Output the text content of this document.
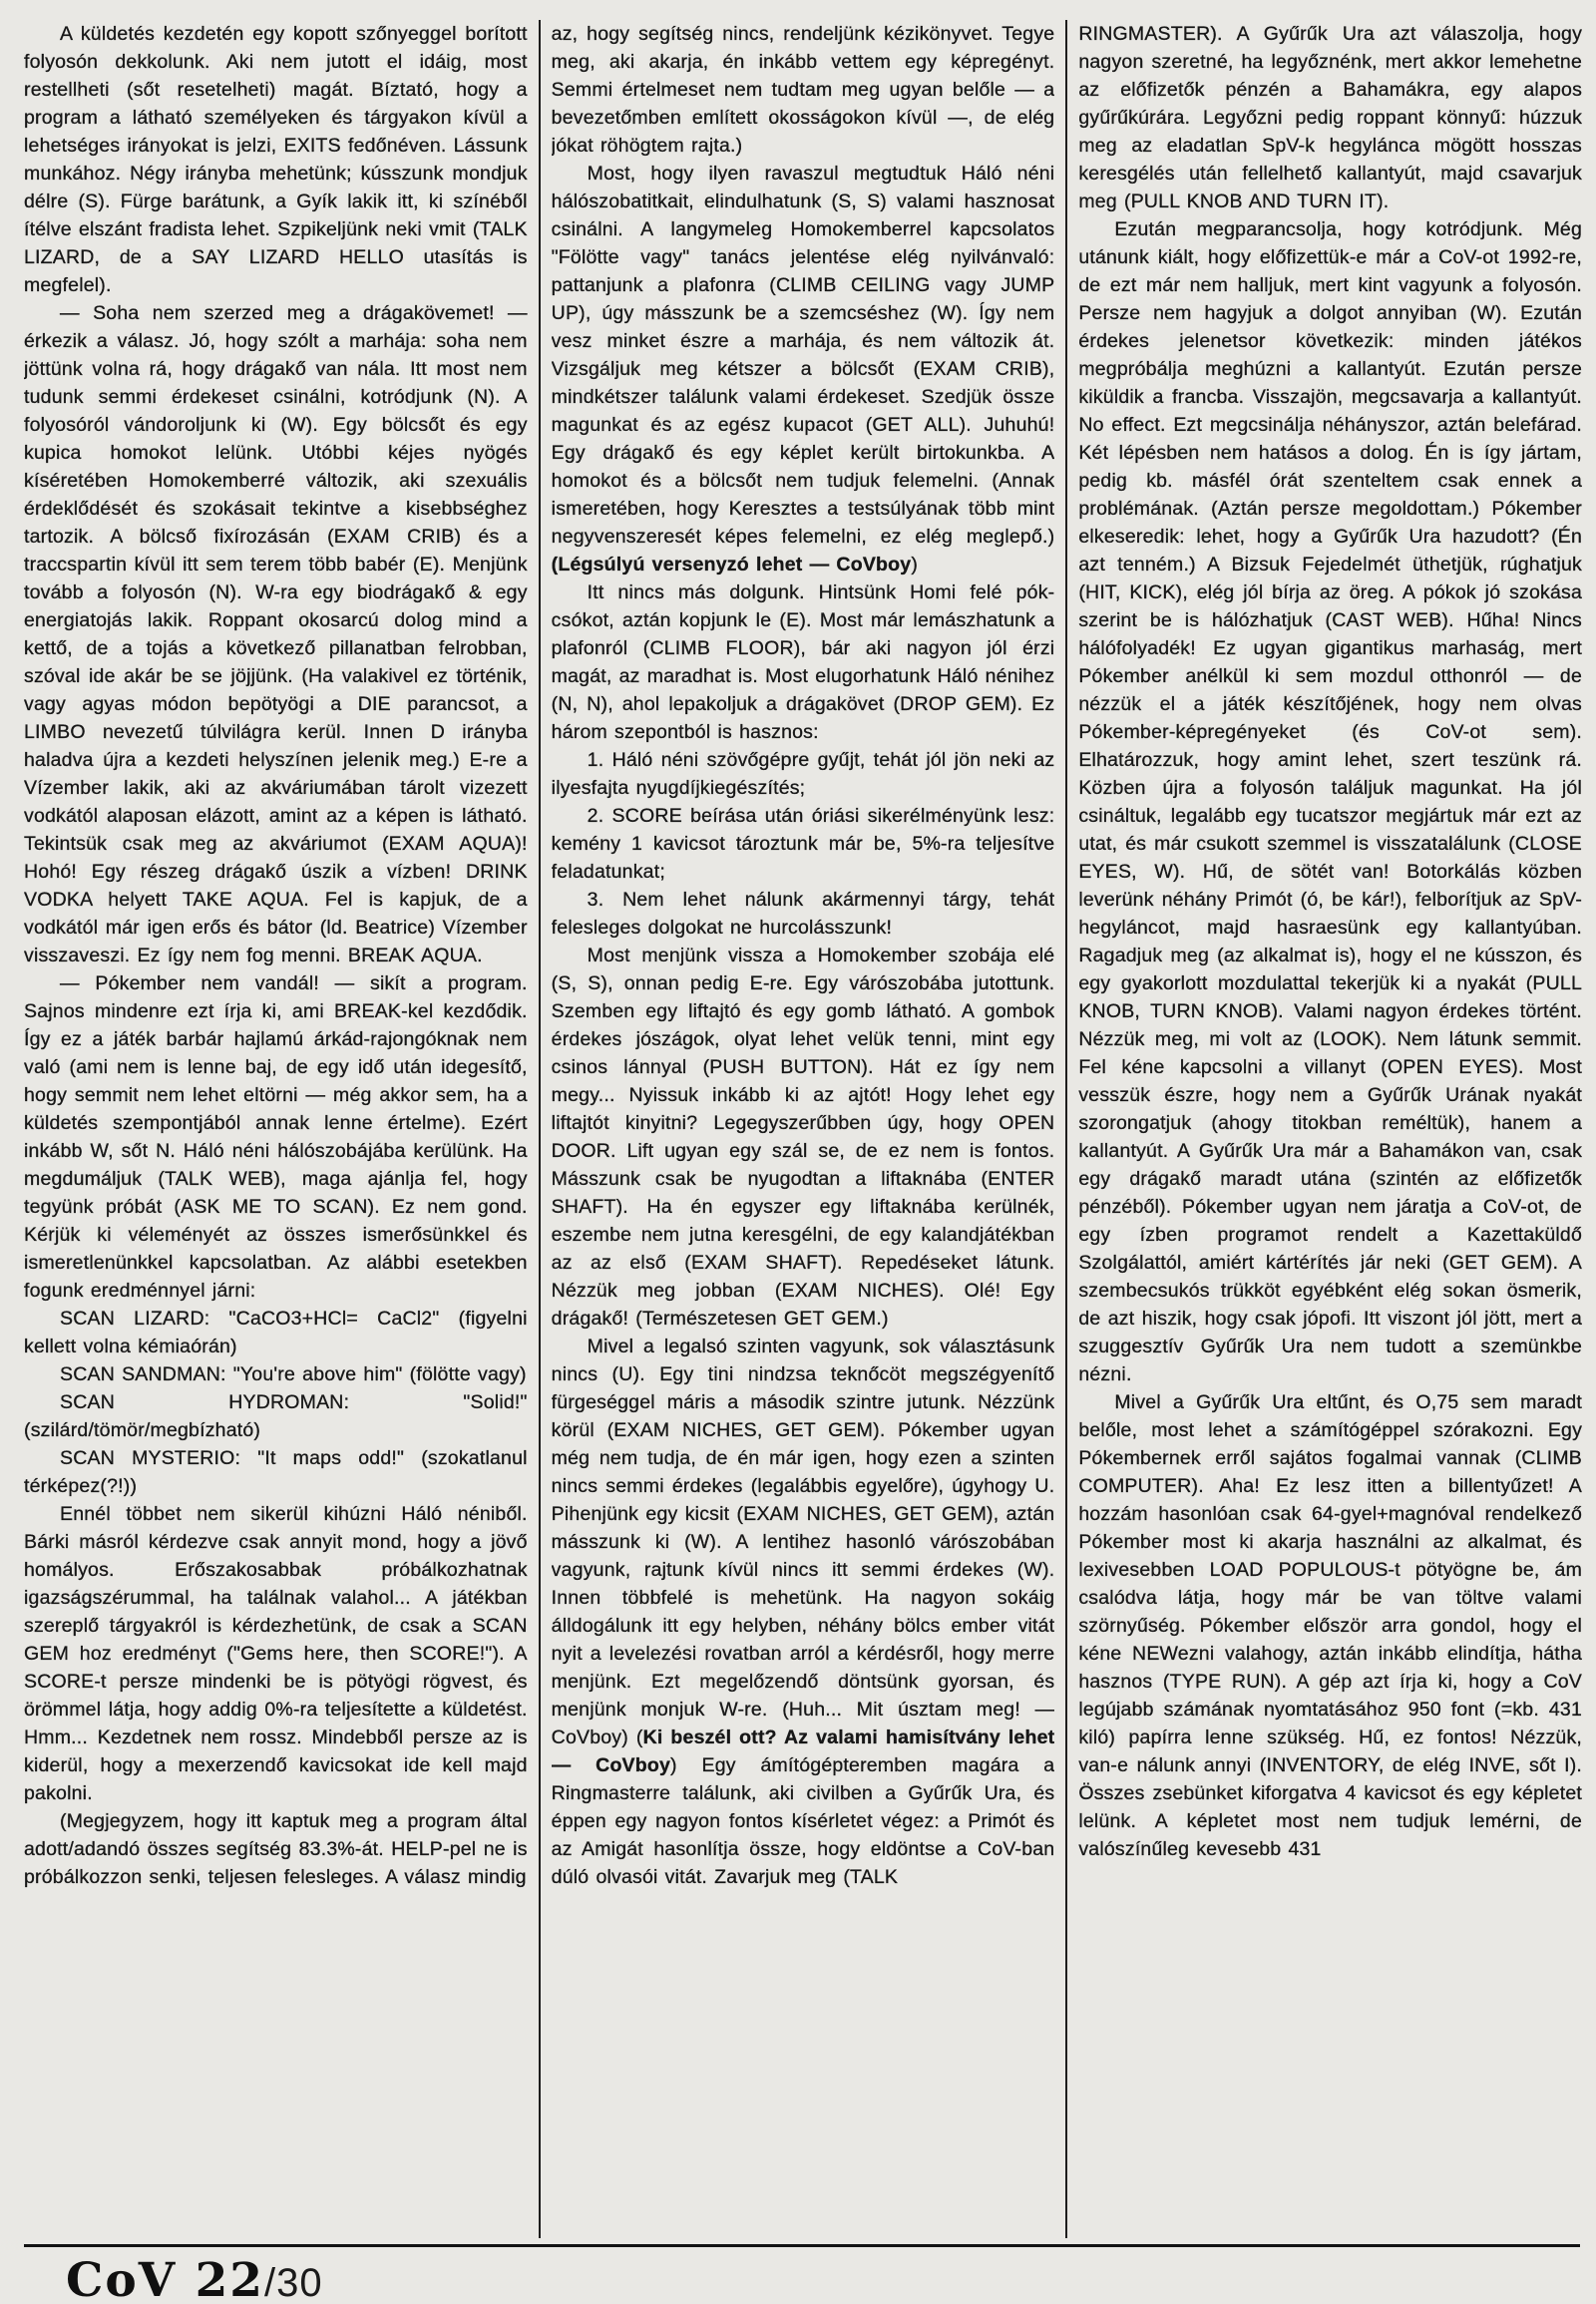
A küldetés kezdetén egy kopott szőnyeggel borított folyosón dekkolunk. Aki nem jutott el idáig, most restellheti (sőt resetelheti) magát. Bíztató, hogy a program a látható személyeken és tárgyakon kívül a lehetséges irányokat is jelzi, EXITS fedőnéven. Lássunk munkához. Négy irányba mehetünk; kússzunk mondjuk délre (S). Fürge barátunk, a Gyík lakik itt, ki színéből ítélve elszánt fradista lehet. Szpikeljünk neki vmit (TALK LIZARD, de a SAY LIZARD HELLO utasítás is megfelel).

— Soha nem szerzed meg a drágakövemet! — érkezik a válasz. Jó, hogy szólt a marhája: soha nem jöttünk volna rá, hogy drágakő van nála. Itt most nem tudunk semmi érdekeset csinálni, kotródjunk (N). A folyosóról vándoroljunk ki (W). Egy bölcsőt és egy kupica homokot lelünk. Utóbbi kéjes nyögés kíséretében Homokemberré változik, aki szexuális érdeklődését és szokásait tekintve a kisebbséghez tartozik. A bölcső fixírozásán (EXAM CRIB) és a traccspartin kívül itt sem terem több babér (E). Menjünk tovább a folyosón (N). W-ra egy biodrágakő & egy energiatojás lakik. Roppant okosarcú dolog mind a kettő, de a tojás a következő pillanatban felrobban, szóval ide akár be se jöjjünk. (Ha valakivel ez történik, vagy agyas módon bepötyögi a DIE parancsot, a LIMBO nevezetű túlvilágra kerül. Innen D irányba haladva újra a kezdeti helyszínen jelenik meg.) E-re a Vízember lakik, aki az akváriumában tárolt vizezett vodkától alaposan elázott, amint az a képen is látható. Tekintsük csak meg az akváriumot (EXAM AQUA)! Hohó! Egy részeg drágakő úszik a vízben! DRINK VODKA helyett TAKE AQUA. Fel is kapjuk, de a vodkától már igen erős és bátor (ld. Beatrice) Vízember visszaveszi. Ez így nem fog menni. BREAK AQUA.

— Pókember nem vandál! — sikít a program. Sajnos mindenre ezt írja ki, ami BREAK-kel kezdődik. Így ez a játék barbár hajlamú árkád-rajongóknak nem való (ami nem is lenne baj, de egy idő után idegesítő, hogy semmit nem lehet eltörni — még akkor sem, ha a küldetés szempontjából annak lenne értelme). Ezért inkább W, sőt N. Háló néni hálószobájába kerülünk. Ha megdumáljuk (TALK WEB), maga ajánlja fel, hogy tegyünk próbát (ASK ME TO SCAN). Ez nem gond. Kérjük ki véleményét az összes ismerősünkkel és ismeretlenünkkel kapcsolatban. Az alábbi esetekben fogunk eredménnyel járni:

SCAN LIZARD: "CaCO3+HCl= CaCl2" (figyelni kellett volna kémiaórán)

SCAN SANDMAN: "You're above him" (fölötte vagy)

SCAN HYDROMAN: "Solid!" (szilárd/tömör/megbízható)

SCAN MYSTERIO: "It maps odd!" (szokatlanul térképez(?!))

Ennél többet nem sikerül kihúzni Háló néniből. Bárki másról kérdezve csak annyit mond, hogy a jövő homályos. Erőszakosabbak próbálkozhatnak igazságszérummal, ha találnak valahol... A játékban szereplő tárgyakról is kérdezhetünk, de csak a SCAN GEM hoz eredményt ("Gems here, then SCORE!"). A SCORE-t persze mindenki be is pötyögi rögvest, és örömmel látja, hogy addig 0%-ra teljesítette a küldetést. Hmm... Kezdetnek nem rossz. Mindebből persze az is kiderül, hogy a mexerzendő kavicsokat ide kell majd pakolni.

(Megjegyzem, hogy itt kaptuk meg a program által adott/adandó összes segítség 83.3%-át. HELP-pel ne is próbálkozzon senki, teljesen felesleges. A válasz mindig

az, hogy segítség nincs, rendeljünk kézikönyvet. Tegye meg, aki akarja, én inkább vettem egy képregényt. Semmi értelmeset nem tudtam meg ugyan belőle — a bevezetőmben említett okosságokon kívül —, de elég jókat röhögtem rajta.)

Most, hogy ilyen ravaszul megtudtuk Háló néni hálószobatitkait, elindulhatunk (S, S) valami hasznosat csinálni. A langymeleg Homokemberrel kapcsolatos "Fölötte vagy" tanács jelentése elég nyilvánvaló: pattanjunk a plafonra (CLIMB CEILING vagy JUMP UP), úgy másszunk be a szemcséshez (W). Így nem vesz minket észre a marhája, és nem változik át. Vizsgáljuk meg kétszer a bölcsőt (EXAM CRIB), mindkétszer találunk valami érdekeset. Szedjük össze magunkat és az egész kupacot (GET ALL). Juhuhú! Egy drágakő és egy képlet került birtokunkba. A homokot és a bölcsőt nem tudjuk felemelni. (Annak ismeretében, hogy Keresztes a testsúlyának több mint negyvenszeresét képes felemelni, ez elég meglepő.) (Légsúlyú versenyzó lehet — CoVboy)

Itt nincs más dolgunk. Hintsünk Homi felé pók-csókot, aztán kopjunk le (E). Most már lemászhatunk a plafonról (CLIMB FLOOR), bár aki nagyon jól érzi magát, az maradhat is. Most elugorhatunk Háló nénihez (N, N), ahol lepakoljuk a drágakövet (DROP GEM). Ez három szepontból is hasznos:

1. Háló néni szövőgépre gyűjt, tehát jól jön neki az ilyesfajta nyugdíjkiegészítés;

2. SCORE beírása után óriási sikerélményünk lesz: kemény 1 kavicsot tároztunk már be, 5%-ra teljesítve feladatunkat;

3. Nem lehet nálunk akármennyi tárgy, tehát felesleges dolgokat ne hurcolásszunk!

Most menjünk vissza a Homokember szobája elé (S, S), onnan pedig E-re. Egy várószobába jutottunk. Szemben egy liftajtó és egy gomb látható. A gombok érdekes jószágok, olyat lehet velük tenni, mint egy csinos lánnyal (PUSH BUTTON). Hát ez így nem megy... Nyissuk inkább ki az ajtót! Hogy lehet egy liftajtót kinyitni? Legegyszerűbben úgy, hogy OPEN DOOR. Lift ugyan egy szál se, de ez nem is fontos. Másszunk csak be nyugodtan a liftaknába (ENTER SHAFT). Ha én egyszer egy liftaknába kerülnék, eszembe nem jutna keresgélni, de egy kalandjátékban az az első (EXAM SHAFT). Repedéseket látunk. Nézzük meg jobban (EXAM NICHES). Olé! Egy drágakő! (Természetesen GET GEM.)

Mivel a legalsó szinten vagyunk, sok választásunk nincs (U). Egy tini nindzsa teknőcöt megszégyenítő fürgeséggel máris a második szintre jutunk. Nézzünk körül (EXAM NICHES, GET GEM). Pókember ugyan még nem tudja, de én már igen, hogy ezen a szinten nincs semmi érdekes (legalábbis egyelőre), úgyhogy U. Pihenjünk egy kicsit (EXAM NICHES, GET GEM), aztán másszunk ki (W). A lentihez hasonló várószobában vagyunk, rajtunk kívül nincs itt semmi érdekes (W). Innen többfelé is mehetünk. Ha nagyon sokáig álldogálunk itt egy helyben, néhány bölcs ember vitát nyit a levelezési rovatban arról a kérdésről, hogy merre menjünk. Ezt megelőzendő döntsünk gyorsan, és menjünk monjuk W-re. (Huh... Mit úsztam meg! — CoVboy) (Ki beszél ott? Az valami hamisítvány lehet — CoVboy) Egy ámítógépteremben magára a Ringmasterre találunk, aki civilben a Gyűrűk Ura, és éppen egy nagyon fontos kísérletet végez: a Primót és az Amigát hasonlítja össze, hogy eldöntse a CoV-ban dúló olvasói vitát. Zavarjuk meg (TALK

RINGMASTER). A Gyűrűk Ura azt válaszolja, hogy nagyon szeretné, ha legyőznénk, mert akkor lemehetne az előfizetők pénzén a Bahamákra, egy alapos gyűrűkúrára. Legyőzni pedig roppant könnyű: húzzuk meg az eladatlan SpV-k hegylánca mögött hosszas keresgélés után fellelhető kallantyút, majd csavarjuk meg (PULL KNOB AND TURN IT).

Ezután megparancsolja, hogy kotródjunk. Még utánunk kiált, hogy előfizettük-e már a CoV-ot 1992-re, de ezt már nem halljuk, mert kint vagyunk a folyosón. Persze nem hagyjuk a dolgot annyiban (W). Ezután érdekes jelenetsor következik: minden játékos megpróbálja meghúzni a kallantyút. Ezután persze kiküldik a francba. Visszajön, megcsavarja a kallantyút. No effect. Ezt megcsinálja néhányszor, aztán belefárad. Két lépésben nem hatásos a dolog. Én is így jártam, pedig kb. másfél órát szenteltem csak ennek a problémának. (Aztán persze megoldottam.) Pókember elkeseredik: lehet, hogy a Gyűrűk Ura hazudott? (Én azt tenném.) A Bizsuk Fejedelmét üthetjük, rúghatjuk (HIT, KICK), elég jól bírja az öreg. A pókok jó szokása szerint be is hálózhatjuk (CAST WEB). Hűha! Nincs hálófolyadék! Ez ugyan gigantikus marhaság, mert Pókember anélkül ki sem mozdul otthonról — de nézzük el a játék készítőjének, hogy nem olvas Pókember-képregényeket (és CoV-ot sem). Elhatározzuk, hogy amint lehet, szert teszünk rá. Közben újra a folyosón találjuk magunkat. Ha jól csináltuk, legalább egy tucatszor megjártuk már ezt az utat, és már csukott szemmel is visszatalálunk (CLOSE EYES, W). Hű, de sötét van! Botorkálás közben leverünk néhány Primót (ó, be kár!), felborítjuk az SpV-hegyláncot, majd hasraesünk egy kallantyúban. Ragadjuk meg (az alkalmat is), hogy el ne kússzon, és egy gyakorlott mozdulattal tekerjük ki a nyakát (PULL KNOB, TURN KNOB). Valami nagyon érdekes történt. Nézzük meg, mi volt az (LOOK). Nem látunk semmit. Fel kéne kapcsolni a villanyt (OPEN EYES). Most vesszük észre, hogy nem a Gyűrűk Urának nyakát szorongatjuk (ahogy titokban reméltük), hanem a kallantyút. A Gyűrűk Ura már a Bahamákon van, csak egy drágakő maradt utána (szintén az előfizetők pénzéből). Pókember ugyan nem járatja a CoV-ot, de egy ízben programot rendelt a Kazettaküldő Szolgálattól, amiért kártérítés jár neki (GET GEM). A szembecsukós trükköt egyébként elég sokan ösmerik, de azt hiszik, hogy csak jópofi. Itt viszont jól jött, mert a szuggesztív Gyűrűk Ura nem tudott a szemünkbe nézni.

Mivel a Gyűrűk Ura eltűnt, és O,75 sem maradt belőle, most lehet a számítógéppel szórakozni. Egy Pókembernek erről sajátos fogalmai vannak (CLIMB COMPUTER). Aha! Ez lesz itten a billentyűzet! A hozzám hasonlóan csak 64-gyel+magnóval rendelkező Pókember most ki akarja használni az alkalmat, és lexivesebben LOAD POPULOUS-t pötyögne be, ám csalódva látja, hogy már be van töltve valami szörnyűség. Pókember először arra gondol, hogy el kéne NEWezni valahogy, aztán inkább elindítja, hátha hasznos (TYPE RUN). A gép azt írja ki, hogy a CoV legújabb számának nyomtatásához 950 font (=kb. 431 kiló) papírra lenne szükség. Hű, ez fontos! Nézzük, van-e nálunk annyi (INVENTORY, de elég INVE, sőt I). Összes zsebünket kiforgatva 4 kavicsot és egy képletet lelünk. A képletet most nem tudjuk lemérni, de valószínűleg kevesebb 431

CoV 22/30
